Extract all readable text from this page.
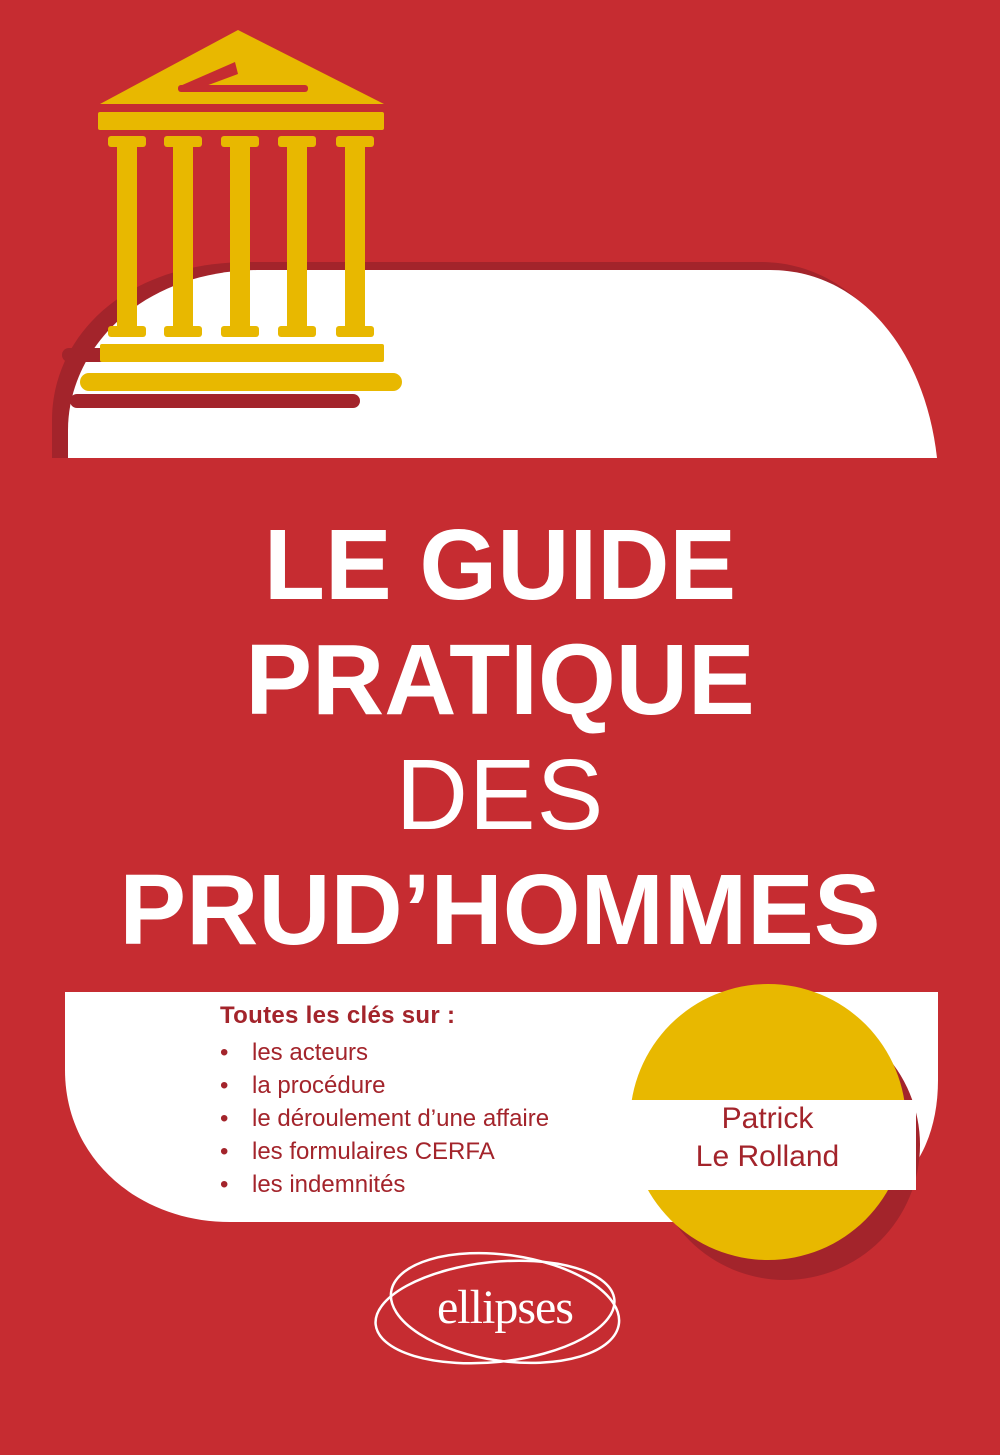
LE GUIDE
PRATIQUE
DES
PRUD’HOMMES

Toutes les clés sur :

• les acteurs
• la procédure
• le déroulement d’une affaire
• les formulaires CERFA
• les indemnités
Patrick
Le Rolland
ellipses
